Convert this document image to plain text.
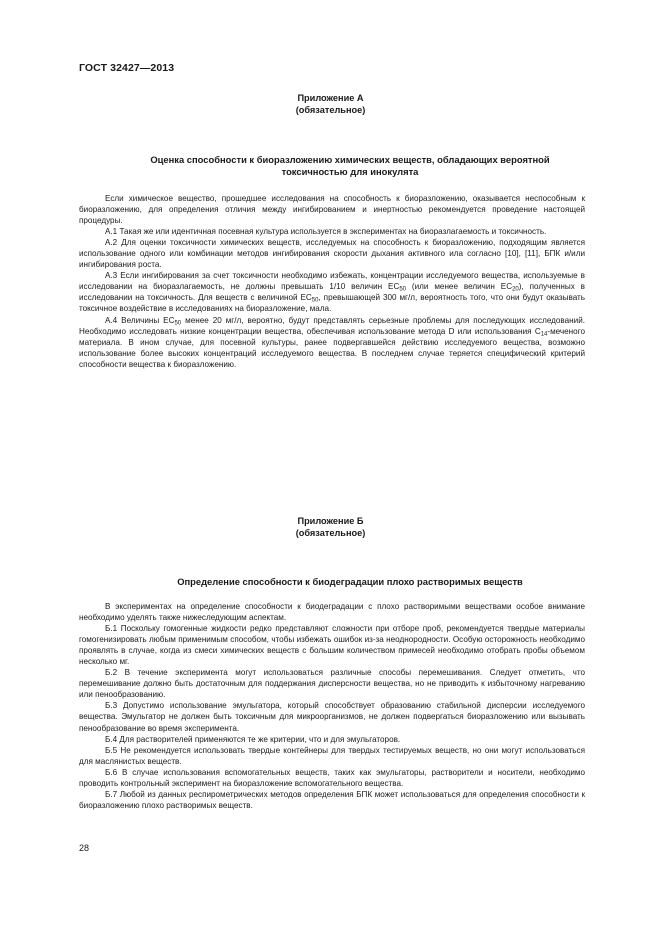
ГОСТ 32427—2013
Приложение А
(обязательное)
Оценка способности к биоразложению химических веществ, обладающих вероятной
токсичностью для инокулята

Если химическое вещество, прошедшее исследования на способность к биоразложению, оказывается неспособным к биоразложению, для определения отличия между ингибированием и инертностью рекомендуется проведение настоящей процедуры.

А.1 Такая же или идентичная посевная культура используется в экспериментах на биоразлагаемость и токсичность.

А.2 Для оценки токсичности химических веществ, исследуемых на способность к биоразложению, подходящим является использование одного или комбинации методов ингибирования скорости дыхания активного ила согласно [10], [11], БПК и/или ингибирования роста.

А.3 Если ингибирования за счет токсичности необходимо избежать, концентрации исследуемого вещества, используемые в исследовании на биоразлагаемость, не должны превышать 1/10 величин $EC_{50}$ (или менее величин $EC_{20}$), полученных в исследовании на токсичность. Для веществ с величиной $EC_{50}$, превышающей 300 мг/л, вероятность того, что они будут оказывать токсичное воздействие в исследованиях на биоразложение, мала.

А.4 Величины $EC_{50}$ менее 20 мг/л, вероятно, будут представлять серьезные проблемы для последующих исследований. Необходимо исследовать низкие концентрации вещества, обеспечивая использование метода D или использования $C_{14}$-меченого материала. В ином случае, для посевной культуры, ранее подвергавшейся действию исследуемого вещества, возможно использование более высоких концентраций исследуемого вещества. В последнем случае теряется специфический критерий способности вещества к биоразложению.

Приложение Б
(обязательное)
Определение способности к биодеградации плохо растворимых веществ

В экспериментах на определение способности к биодеградации с плохо растворимыми веществами особое внимание необходимо уделять также нижеследующим аспектам.

Б.1 Поскольку гомогенные жидкости редко представляют сложности при отборе проб, рекомендуется твердые материалы гомогенизировать любым применимым способом, чтобы избежать ошибок из-за неоднородности. Особую осторожность необходимо проявлять в случае, когда из смеси химических веществ с большим количеством примесей необходимо отобрать пробы объемом несколько мг.

Б.2 В течение эксперимента могут использоваться различные способы перемешивания. Следует отметить, что перемешивание должно быть достаточным для поддержания дисперсности вещества, но не приводить к избыточному нагреванию или пенообразованию.

Б.3 Допустимо использование эмульгатора, который способствует образованию стабильной дисперсии исследуемого вещества. Эмульгатор не должен быть токсичным для микроорганизмов, не должен подвергаться биоразложению или вызывать пенообразование во время эксперимента.

Б.4 Для растворителей применяются те же критерии, что и для эмульгаторов.

Б.5 Не рекомендуется использовать твердые контейнеры для твердых тестируемых веществ, но они могут использоваться для маслянистых веществ.

Б.6 В случае использования вспомогательных веществ, таких как эмульгаторы, растворители и носители, необходимо проводить контрольный эксперимент на биоразложение вспомогательного вещества.

Б.7 Любой из данных респирометрических методов определения БПК может использоваться для определения способности к биоразложению плохо растворимых веществ.

28
